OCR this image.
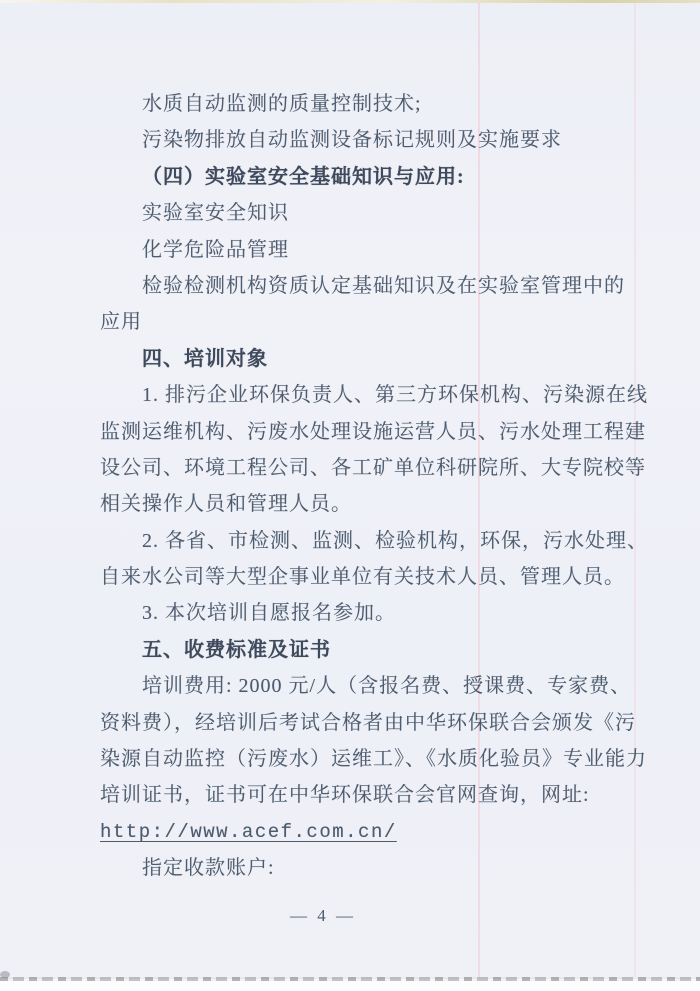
水质自动监测的质量控制技术;

污染物排放自动监测设备标记规则及实施要求

（四）实验室安全基础知识与应用:

实验室安全知识

化学危险品管理

检验检测机构资质认定基础知识及在实验室管理中的

应用

四、培训对象

1. 排污企业环保负责人、第三方环保机构、污染源在线

监测运维机构、污废水处理设施运营人员、污水处理工程建

设公司、环境工程公司、各工矿单位科研院所、大专院校等

相关操作人员和管理人员。

2. 各省、市检测、监测、检验机构，环保，污水处理、

自来水公司等大型企事业单位有关技术人员、管理人员。

3. 本次培训自愿报名参加。

五、收费标准及证书

培训费用: 2000 元/人（含报名费、授课费、专家费、

资料费），经培训后考试合格者由中华环保联合会颁发《污

染源自动监控（污废水）运维工》、《水质化验员》专业能力

培训证书，证书可在中华环保联合会官网查询，网址:

http://www.acef.com.cn/

指定收款账户:

— 4 —
